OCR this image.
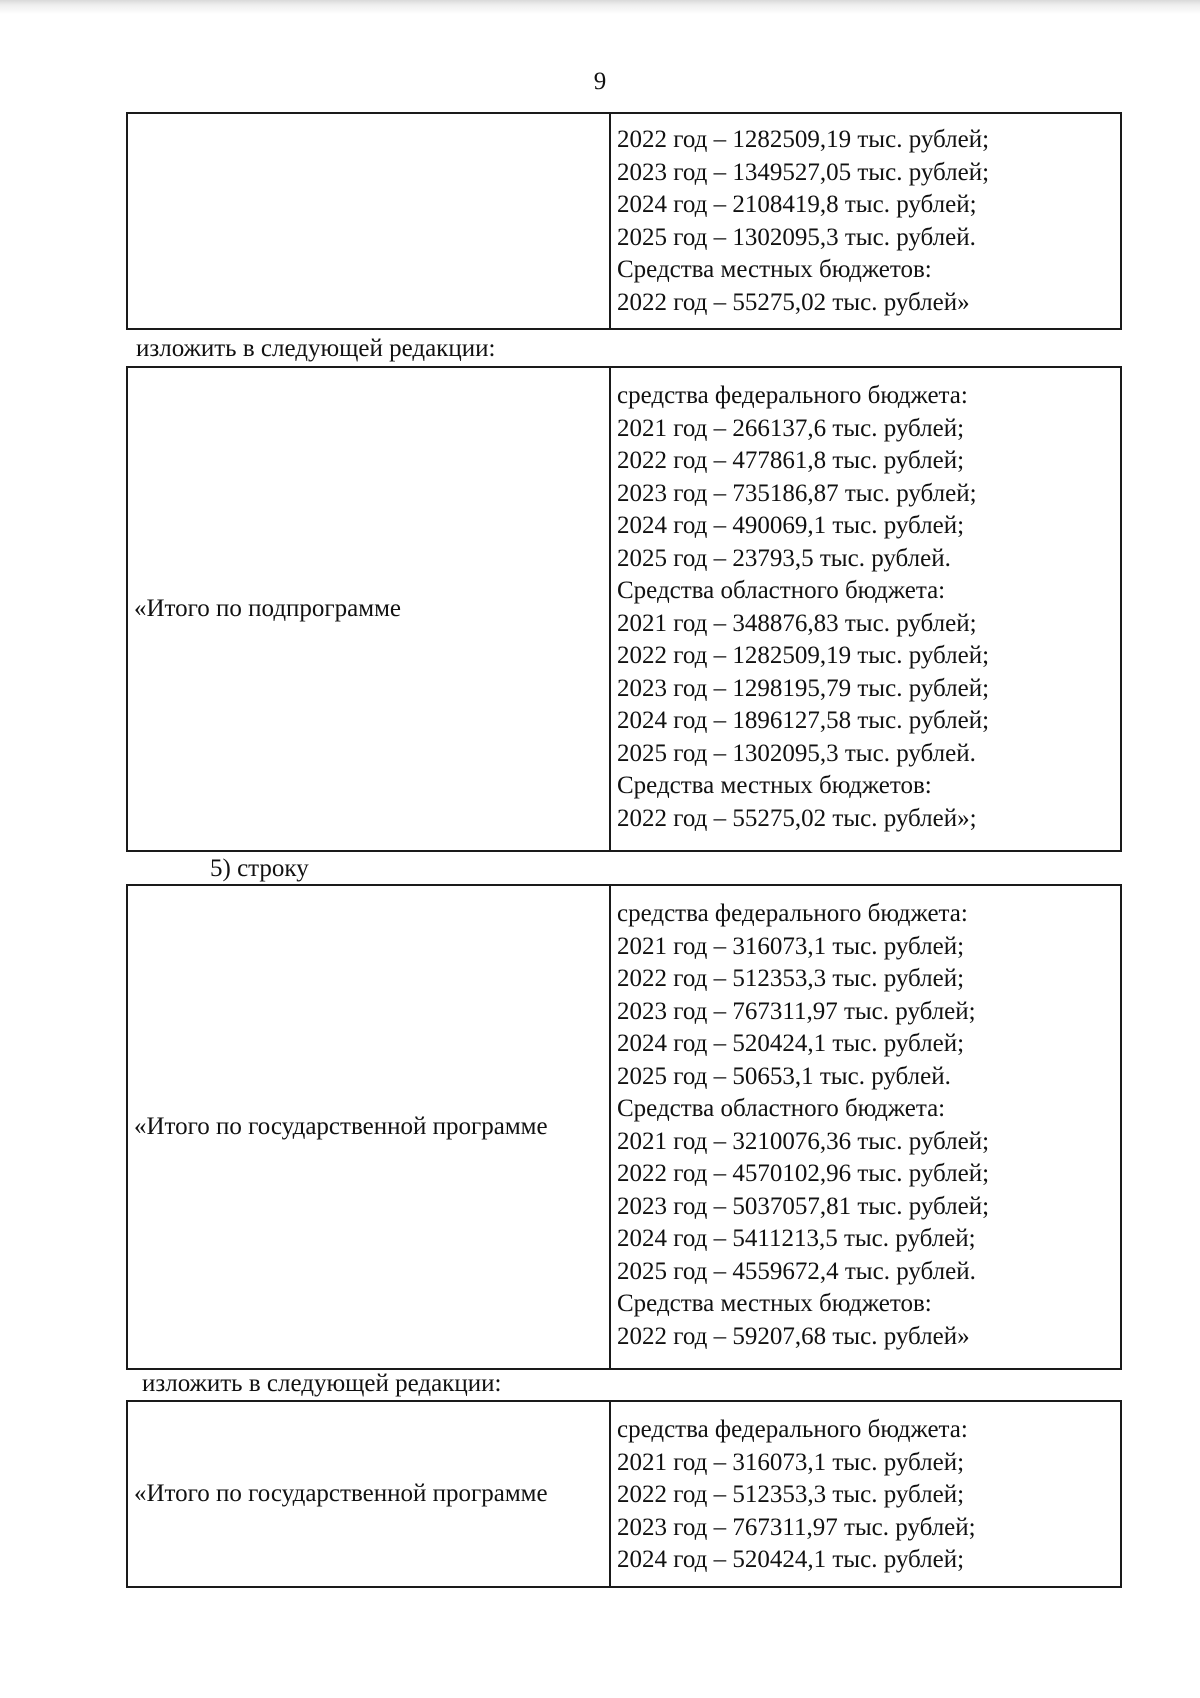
9
2022 год – 1282509,19 тыс. рублей;
2023 год – 1349527,05 тыс. рублей;
2024 год – 2108419,8 тыс. рублей;
2025 год – 1302095,3 тыс. рублей.
Средства местных бюджетов:
2022 год – 55275,02 тыс. рублей»
изложить в следующей редакции:
«Итого по подпрограмме
средства федерального бюджета:
2021 год – 266137,6 тыс. рублей;
2022 год – 477861,8 тыс. рублей;
2023 год – 735186,87 тыс. рублей;
2024 год – 490069,1 тыс. рублей;
2025 год – 23793,5 тыс. рублей.
Средства областного бюджета:
2021 год – 348876,83 тыс. рублей;
2022 год – 1282509,19 тыс. рублей;
2023 год – 1298195,79 тыс. рублей;
2024 год – 1896127,58 тыс. рублей;
2025 год – 1302095,3 тыс. рублей.
Средства местных бюджетов:
2022 год – 55275,02 тыс. рублей»;
5) строку
«Итого по государственной программе
средства федерального бюджета:
2021 год – 316073,1 тыс. рублей;
2022 год – 512353,3 тыс. рублей;
2023 год – 767311,97 тыс. рублей;
2024 год – 520424,1 тыс. рублей;
2025 год – 50653,1 тыс. рублей.
Средства областного бюджета:
2021 год – 3210076,36 тыс. рублей;
2022 год – 4570102,96 тыс. рублей;
2023 год – 5037057,81 тыс. рублей;
2024 год – 5411213,5 тыс. рублей;
2025 год – 4559672,4 тыс. рублей.
Средства местных бюджетов:
2022 год – 59207,68 тыс. рублей»
изложить в следующей редакции:
«Итого по государственной программе
средства федерального бюджета:
2021 год – 316073,1 тыс. рублей;
2022 год – 512353,3 тыс. рублей;
2023 год – 767311,97 тыс. рублей;
2024 год – 520424,1 тыс. рублей;
